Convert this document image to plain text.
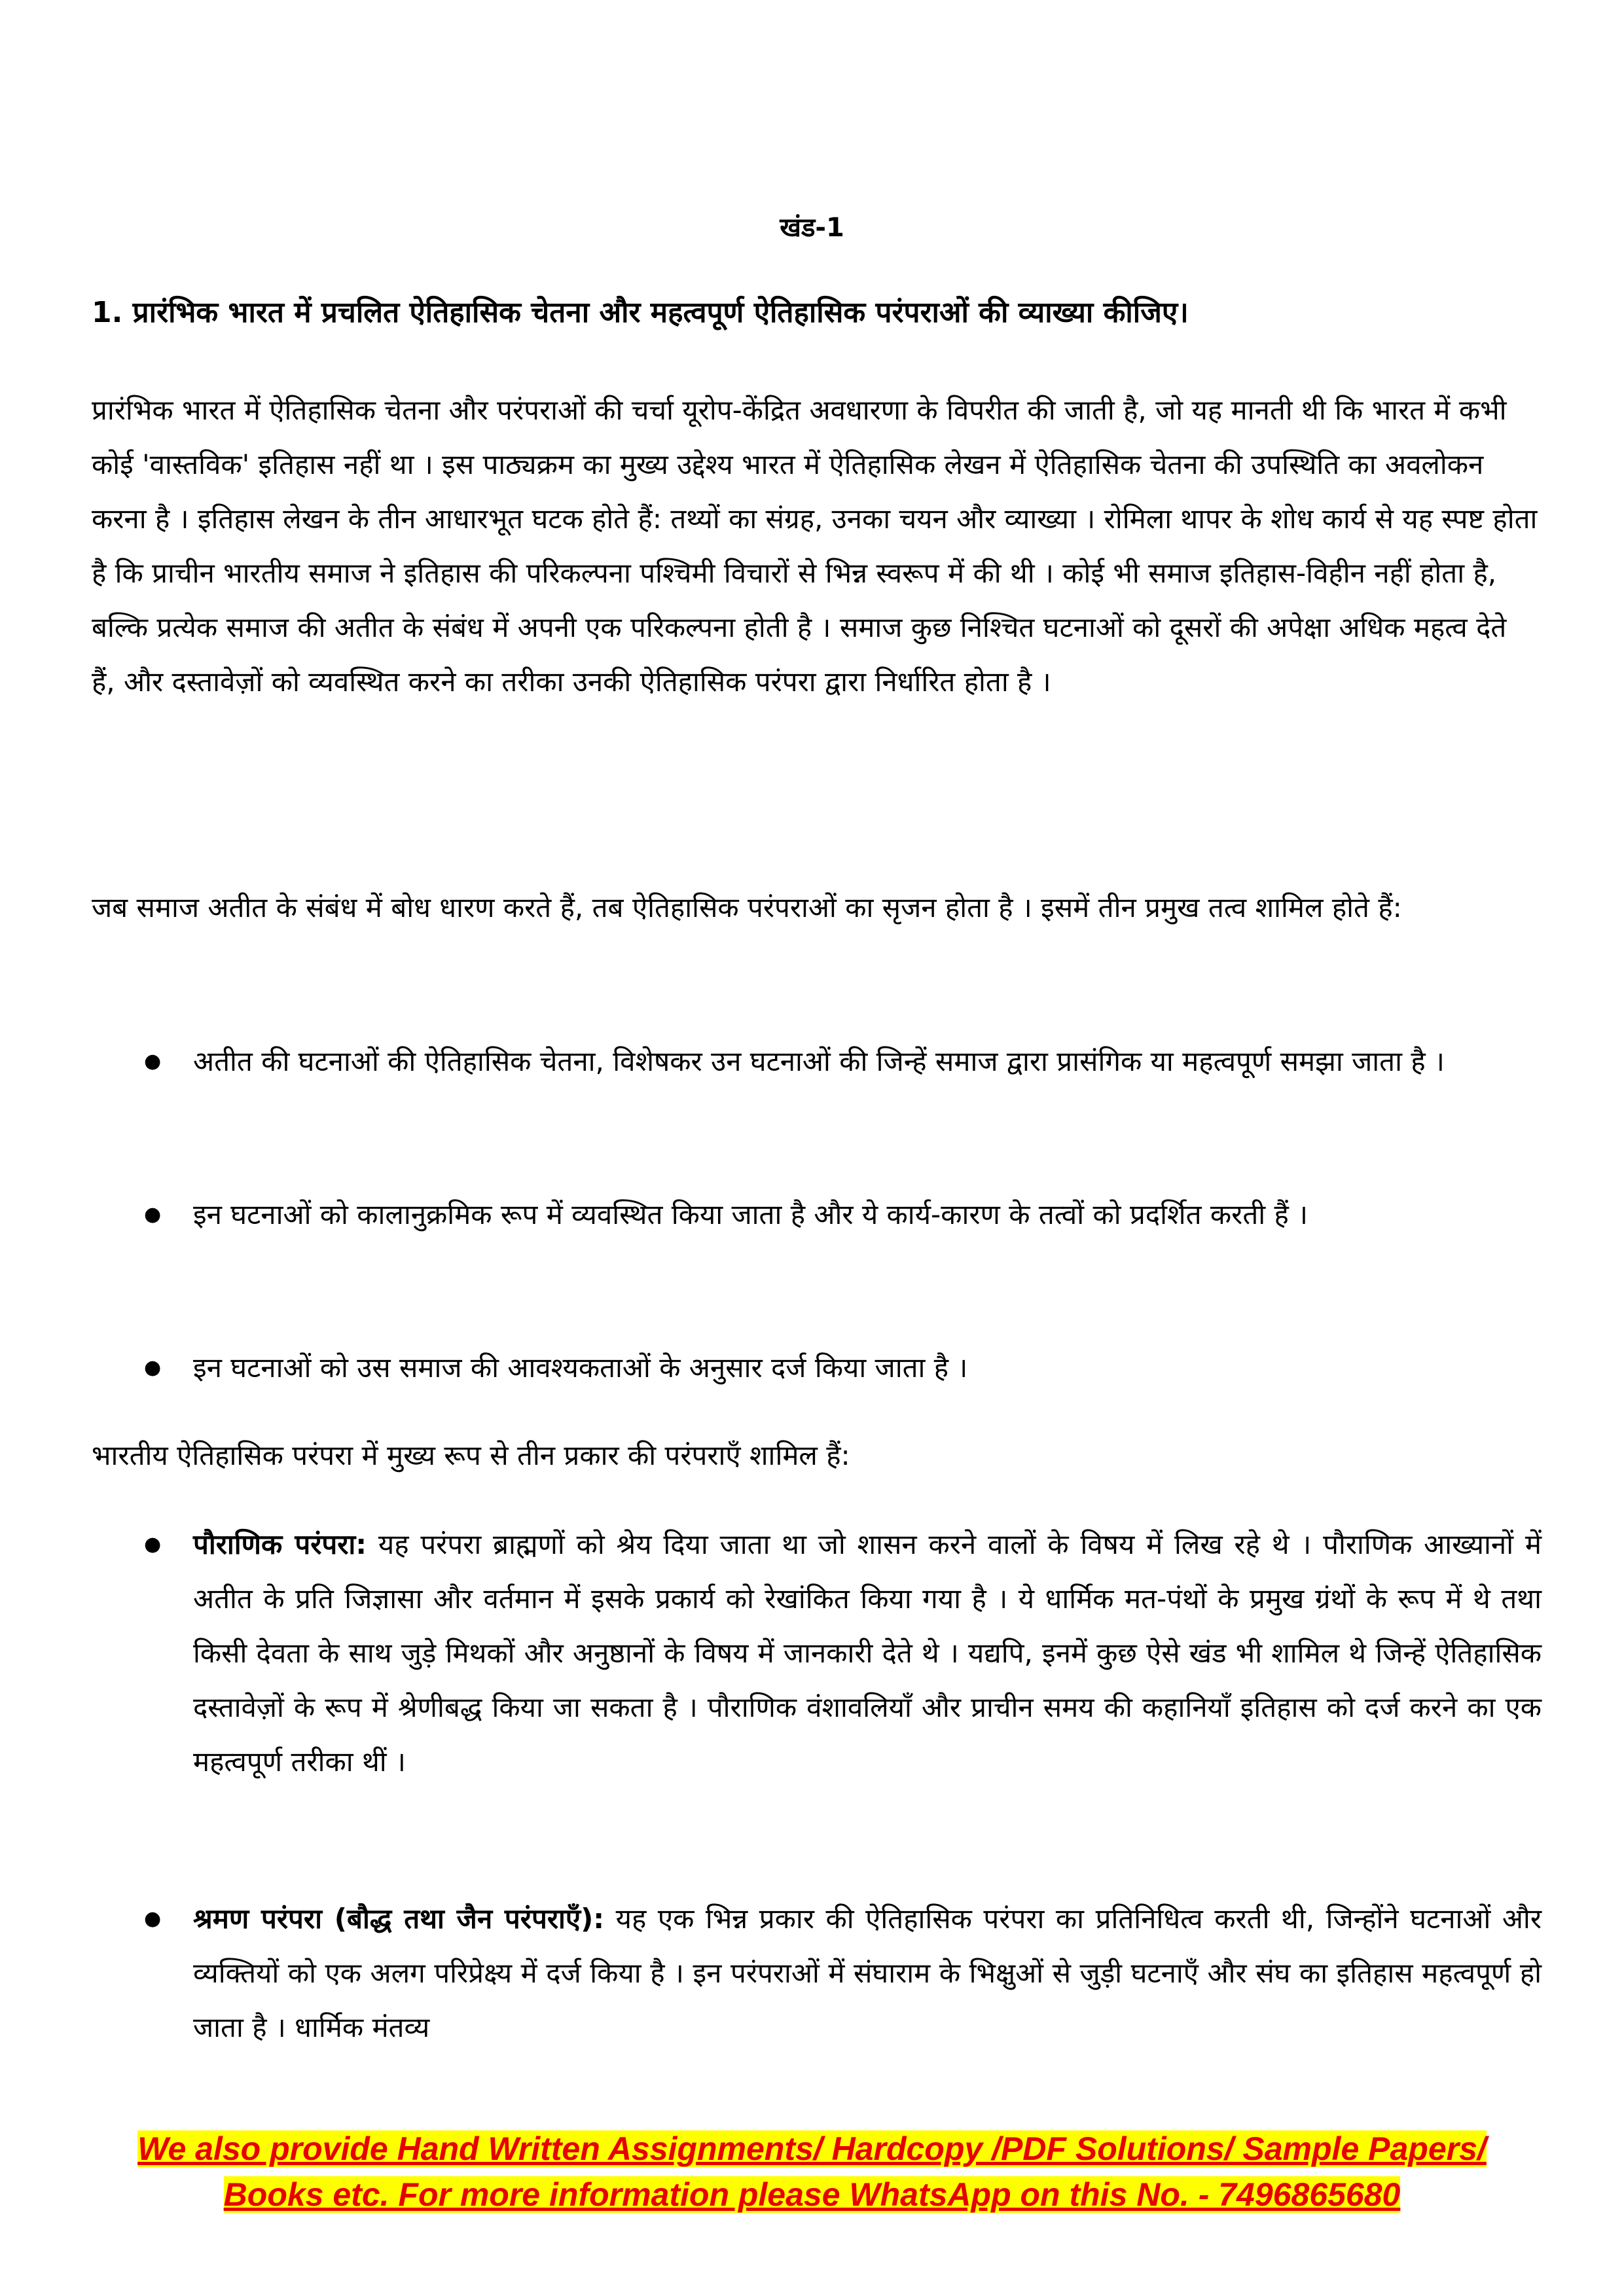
खंड-1
1. प्रारंभिक भारत में प्रचलित ऐतिहासिक चेतना और महत्वपूर्ण ऐतिहासिक परंपराओं की व्याख्या कीजिए।

प्रारंभिक भारत में ऐतिहासिक चेतना और परंपराओं की चर्चा यूरोप-केंद्रित अवधारणा के विपरीत की जाती है, जो यह मानती थी कि भारत में कभी कोई 'वास्तविक' इतिहास नहीं था । इस पाठ्यक्रम का मुख्य उद्देश्य भारत में ऐतिहासिक लेखन में ऐतिहासिक चेतना की उपस्थिति का अवलोकन करना है । इतिहास लेखन के तीन आधारभूत घटक होते हैं: तथ्यों का संग्रह, उनका चयन और व्याख्या । रोमिला थापर के शोध कार्य से यह स्पष्ट होता है कि प्राचीन भारतीय समाज ने इतिहास की परिकल्पना पश्चिमी विचारों से भिन्न स्वरूप में की थी । कोई भी समाज इतिहास-विहीन नहीं होता है, बल्कि प्रत्येक समाज की अतीत के संबंध में अपनी एक परिकल्पना होती है । समाज कुछ निश्चित घटनाओं को दूसरों की अपेक्षा अधिक महत्व देते हैं, और दस्तावेज़ों को व्यवस्थित करने का तरीका उनकी ऐतिहासिक परंपरा द्वारा निर्धारित होता है ।

जब समाज अतीत के संबंध में बोध धारण करते हैं, तब ऐतिहासिक परंपराओं का सृजन होता है । इसमें तीन प्रमुख तत्व शामिल होते हैं:

● अतीत की घटनाओं की ऐतिहासिक चेतना, विशेषकर उन घटनाओं की जिन्हें समाज द्वारा प्रासंगिक या महत्वपूर्ण समझा जाता है ।
● इन घटनाओं को कालानुक्रमिक रूप में व्यवस्थित किया जाता है और ये कार्य-कारण के तत्वों को प्रदर्शित करती हैं ।
● इन घटनाओं को उस समाज की आवश्यकताओं के अनुसार दर्ज किया जाता है ।

भारतीय ऐतिहासिक परंपरा में मुख्य रूप से तीन प्रकार की परंपराएँ शामिल हैं:

● पौराणिक परंपरा: यह परंपरा ब्राह्मणों को श्रेय दिया जाता था जो शासन करने वालों के विषय में लिख रहे थे । पौराणिक आख्यानों में अतीत के प्रति जिज्ञासा और वर्तमान में इसके प्रकार्य को रेखांकित किया गया है । ये धार्मिक मत-पंथों के प्रमुख ग्रंथों के रूप में थे तथा किसी देवता के साथ जुड़े मिथकों और अनुष्ठानों के विषय में जानकारी देते थे । यद्यपि, इनमें कुछ ऐसे खंड भी शामिल थे जिन्हें ऐतिहासिक दस्तावेज़ों के रूप में श्रेणीबद्ध किया जा सकता है । पौराणिक वंशावलियाँ और प्राचीन समय की कहानियाँ इतिहास को दर्ज करने का एक महत्वपूर्ण तरीका थीं ।
● श्रमण परंपरा (बौद्ध तथा जैन परंपराएँ): यह एक भिन्न प्रकार की ऐतिहासिक परंपरा का प्रतिनिधित्व करती थी, जिन्होंने घटनाओं और व्यक्तियों को एक अलग परिप्रेक्ष्य में दर्ज किया है । इन परंपराओं में संघाराम के भिक्षुओं से जुड़ी घटनाएँ और संघ का इतिहास महत्वपूर्ण हो जाता है । धार्मिक मंतव्य
We also provide Hand Written Assignments/ Hardcopy /PDF Solutions/ Sample Papers/
Books etc. For more information please WhatsApp on this No. - 7496865680
